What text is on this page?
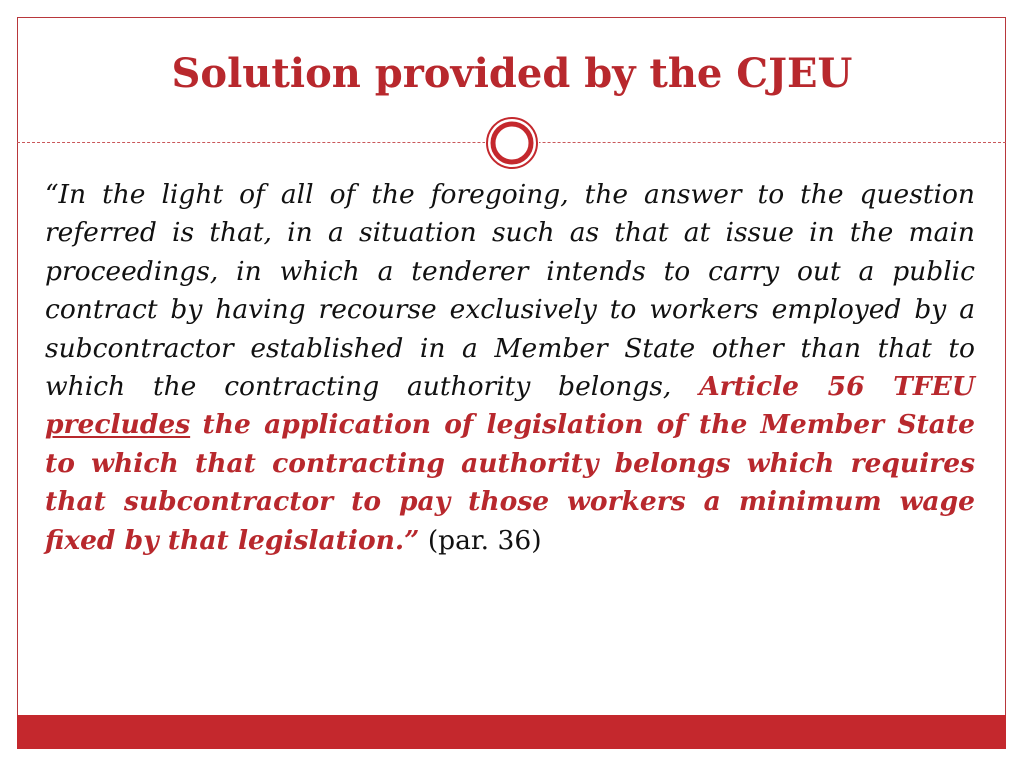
Solution provided by the CJEU

“In the light of all of the foregoing, the answer to the question referred is that, in a situation such as that at issue in the main proceedings, in which a tenderer intends to carry out a public contract by having recourse exclusively to workers employed by a subcontractor established in a Member State other than that to which the contracting authority belongs, Article 56 TFEU precludes the application of legislation of the Member State to which that contracting authority belongs which requires that subcontractor to pay those workers a minimum wage fixed by that legislation.” (par. 36)
